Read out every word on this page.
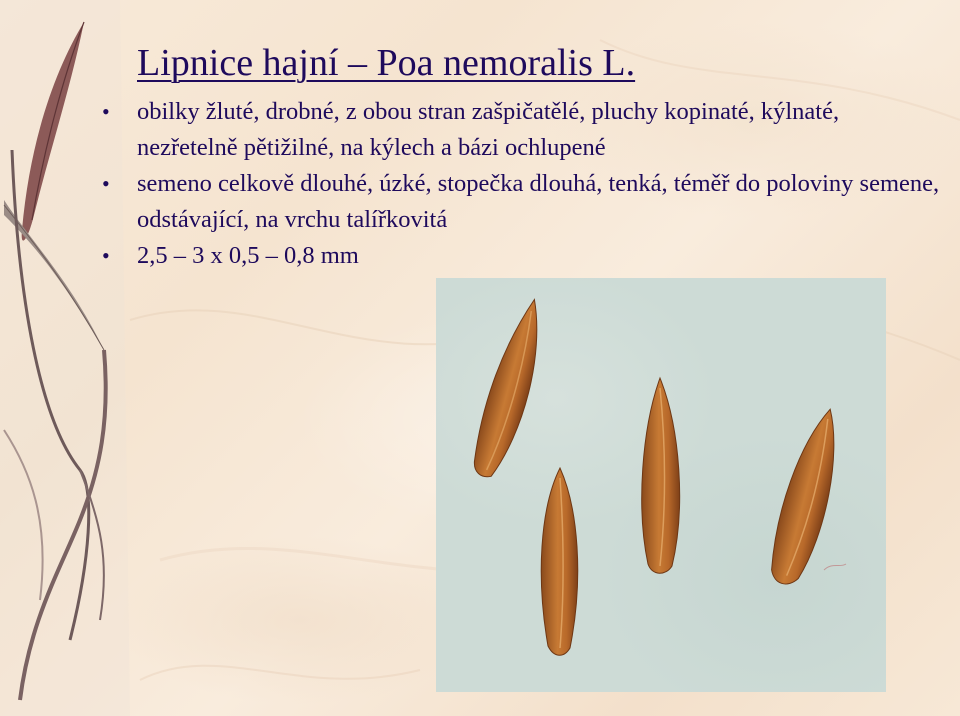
Lipnice hajní – Poa nemoralis L.
• obilky žluté, drobné, z obou stran zašpičatělé, pluchy kopinaté, kýlnaté, nezřetelně pětižilné, na kýlech a bázi ochlupené
• semeno celkově dlouhé, úzké, stopečka dlouhá, tenká, téměř do poloviny semene, odstávající, na vrchu talířkovitá
• 2,5 – 3 x 0,5 – 0,8 mm
